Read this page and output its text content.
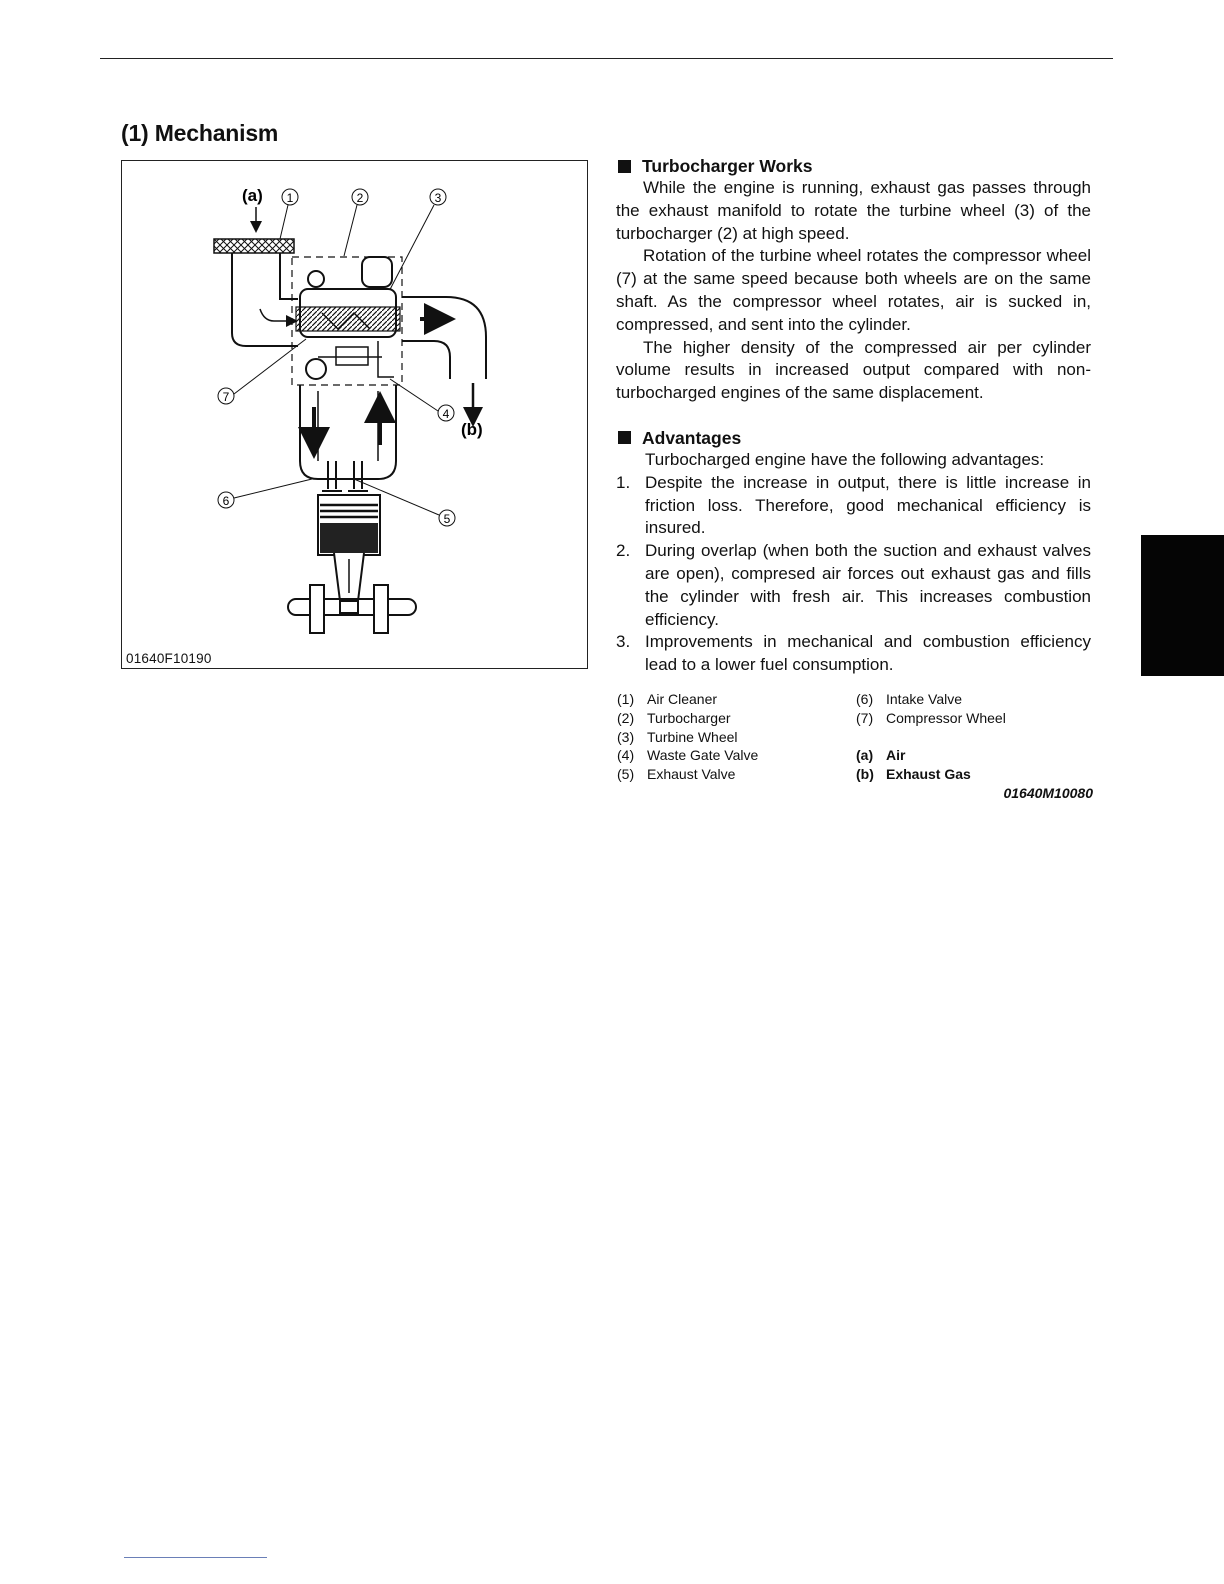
(1) Mechanism
(a) 1	2	3
4
(b)
5
6
7
01640F10190
Turbocharger Works

While the engine is running, exhaust gas passes through the exhaust manifold to rotate the turbine wheel (3) of the turbocharger (2) at high speed.

Rotation of the turbine wheel rotates the compressor wheel (7) at the same speed because both wheels are on the same shaft. As the compressor wheel rotates, air is sucked in, compressed, and sent into the cylinder.

The higher density of the compressed air per cylinder volume results in increased output compared with non-turbocharged engines of the same displacement.

Advantages

Turbocharged engine have the following advantages:

1. Despite the increase in output, there is little increase in friction loss. Therefore, good mechanical efficiency is insured.
2. During overlap (when both the suction and exhaust valves are open), compresed air forces out exhaust gas and fills the cylinder with fresh air. This increases combustion efficiency.
3. Improvements in mechanical and combustion efficiency lead to a lower fuel consumption.
(1) Air Cleaner
(2) Turbocharger
(3) Turbine Wheel
(4) Waste Gate Valve
(5) Exhaust Valve
(6) Intake Valve
(7) Compressor Wheel
(a) Air
(b) Exhaust Gas
01640M10080
